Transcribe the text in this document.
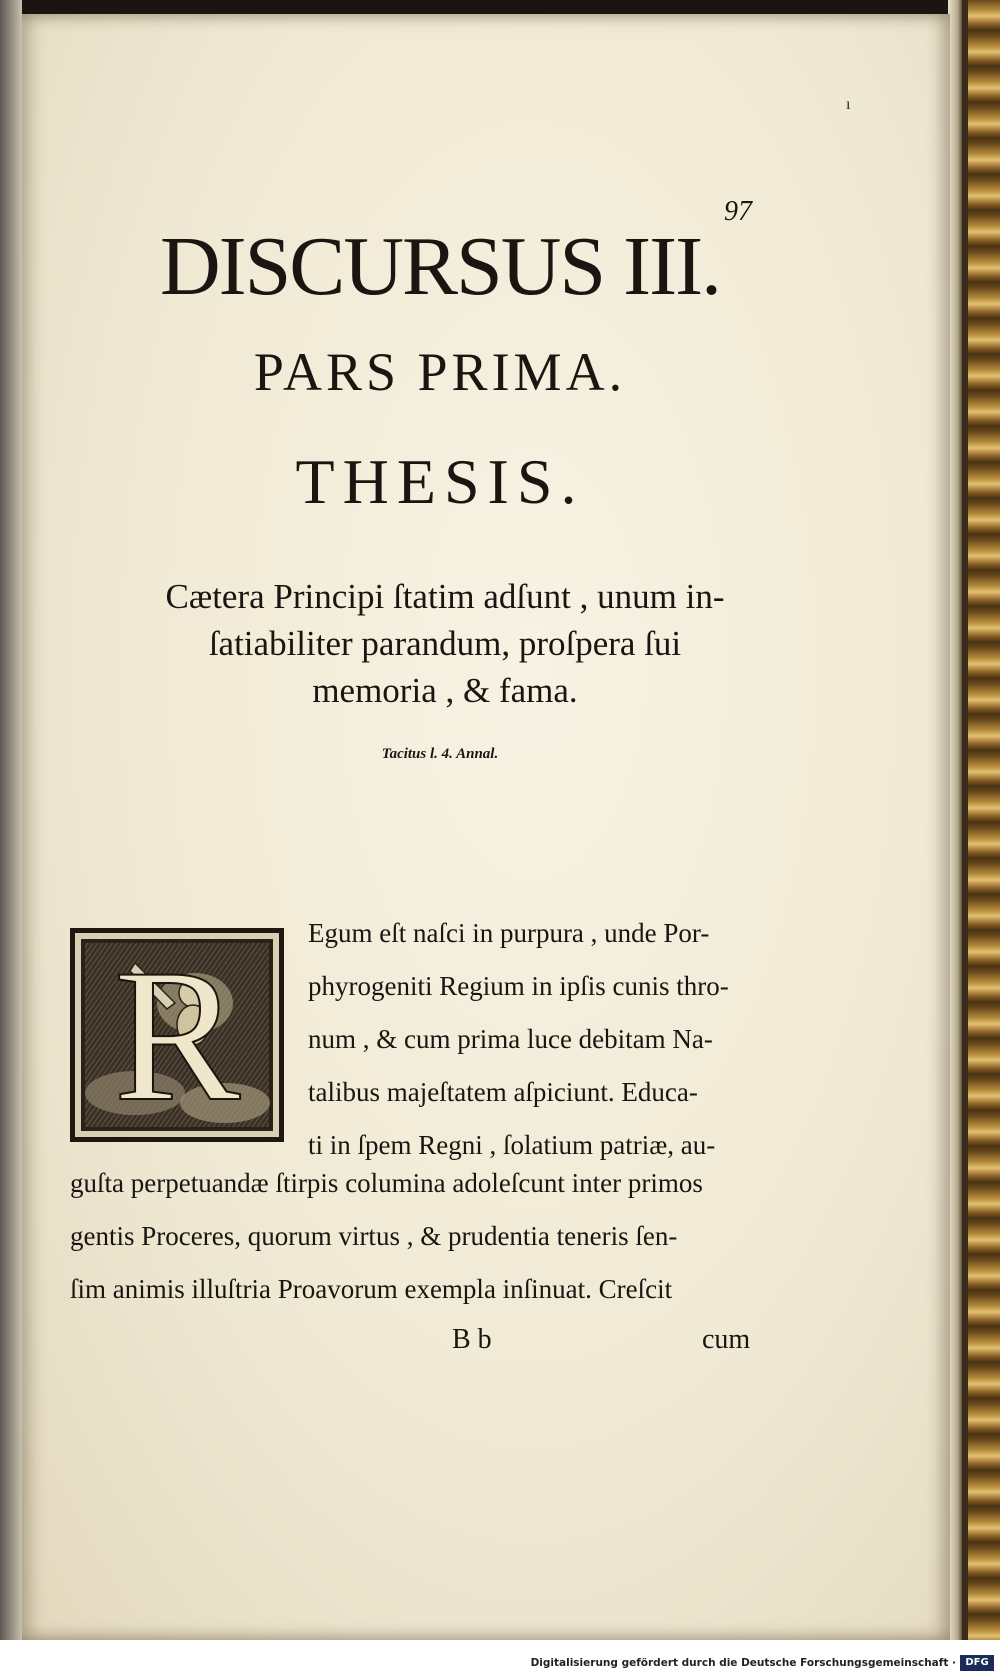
ı
97
DISCURSUS III.
PARS PRIMA.
THESIS.
Cætera Principi ſtatim adſunt , unum in-
ſatiabiliter parandum, proſpera ſui
memoria , & fama.
Tacitus l. 4. Annal.
R	Egum eſt naſci in purpura , unde Por-
phyrogeniti Regium in ipſis cunis thro-
num , & cum prima luce debitam Na-
talibus majeſtatem aſpiciunt. Educa-
ti in ſpem Regni , ſolatium patriæ, au-
guſta perpetuandæ ſtirpis columina adoleſcunt inter primos
gentis Proceres, quorum virtus , & prudentia teneris ſen-
ſim animis illuſtria Proavorum exempla inſinuat. Creſcit
B b	cum
Digitalisierung gefördert durch die Deutsche Forschungsgemeinschaft · DFG
